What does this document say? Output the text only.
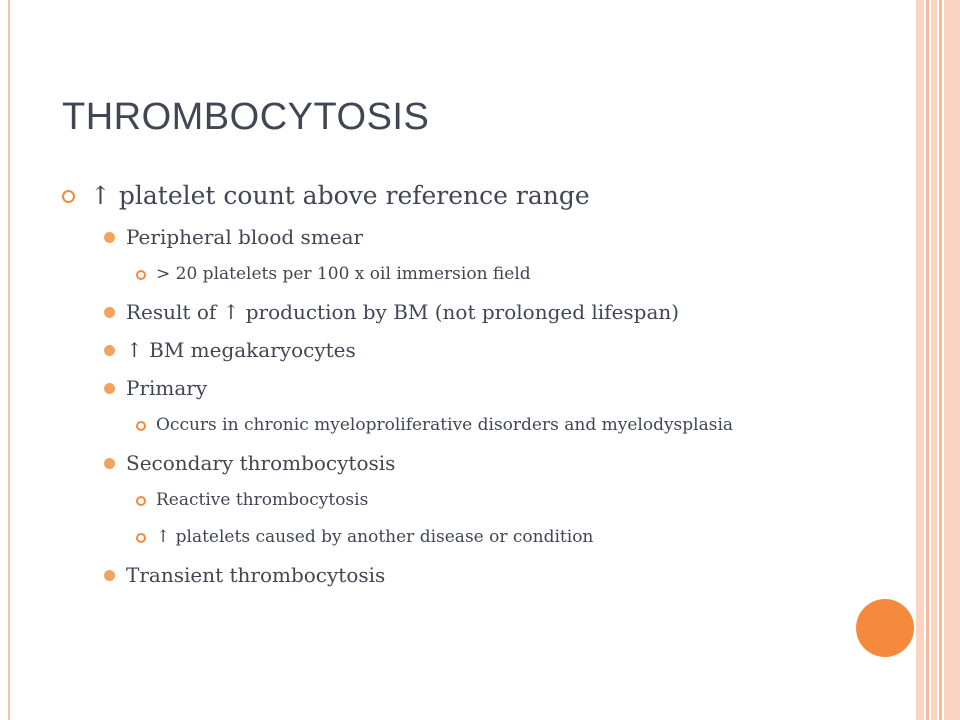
THROMBOCYTOSIS
↑ platelet count above reference range
Peripheral blood smear
> 20 platelets per 100 x oil immersion field
Result of ↑ production by BM (not prolonged lifespan)
↑ BM megakaryocytes
Primary
Occurs in chronic myeloproliferative disorders and myelodysplasia
Secondary thrombocytosis
Reactive thrombocytosis
↑ platelets caused by another disease or condition
Transient thrombocytosis
